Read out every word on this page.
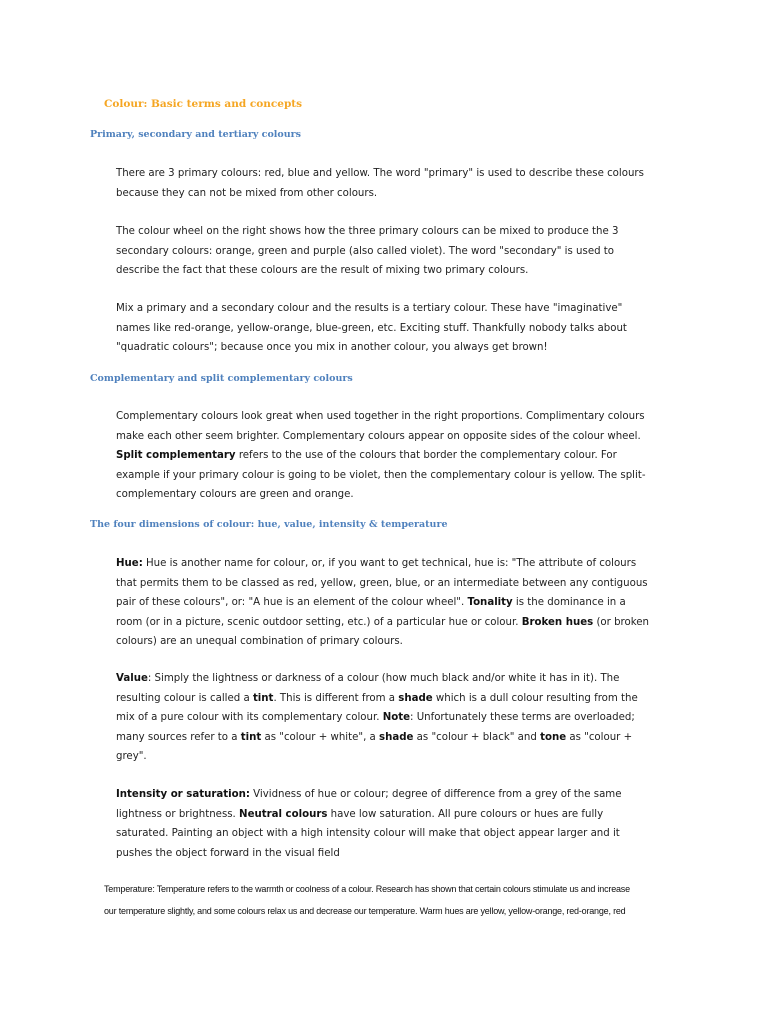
Colour: Basic terms and concepts
Primary, secondary and tertiary colours
There are 3 primary colours: red, blue and yellow. The word "primary" is used to describe these colours
because they can not be mixed from other colours.
The colour wheel on the right shows how the three primary colours can be mixed to produce the 3
secondary colours: orange, green and purple (also called violet). The word "secondary" is used to
describe the fact that these colours are the result of mixing two primary colours.
Mix a primary and a secondary colour and the results is a tertiary colour. These have "imaginative"
names like red-orange, yellow-orange, blue-green, etc. Exciting stuff. Thankfully nobody talks about
"quadratic colours"; because once you mix in another colour, you always get brown!
Complementary and split complementary colours
Complementary colours look great when used together in the right proportions. Complimentary colours
make each other seem brighter. Complementary colours appear on opposite sides of the colour wheel.
Split complementary refers to the use of the colours that border the complementary colour. For
example if your primary colour is going to be violet, then the complementary colour is yellow. The split-
complementary colours are green and orange.
The four dimensions of colour: hue, value, intensity & temperature
Hue: Hue is another name for colour, or, if you want to get technical, hue is: "The attribute of colours
that permits them to be classed as red, yellow, green, blue, or an intermediate between any contiguous
pair of these colours", or: "A hue is an element of the colour wheel". Tonality is the dominance in a
room (or in a picture, scenic outdoor setting, etc.) of a particular hue or colour. Broken hues (or broken
colours) are an unequal combination of primary colours.
Value: Simply the lightness or darkness of a colour (how much black and/or white it has in it). The
resulting colour is called a tint. This is different from a shade which is a dull colour resulting from the
mix of a pure colour with its complementary colour. Note: Unfortunately these terms are overloaded;
many sources refer to a tint as "colour + white", a shade as "colour + black" and tone as "colour +
grey".
Intensity or saturation: Vividness of hue or colour; degree of difference from a grey of the same
lightness or brightness. Neutral colours have low saturation. All pure colours or hues are fully
saturated. Painting an object with a high intensity colour will make that object appear larger and it
pushes the object forward in the visual field
Temperature: Temperature refers to the warmth or coolness of a colour. Research has shown that certain colours stimulate us and increase
our temperature slightly, and some colours relax us and decrease our temperature. Warm hues are yellow, yellow-orange, red-orange, red
